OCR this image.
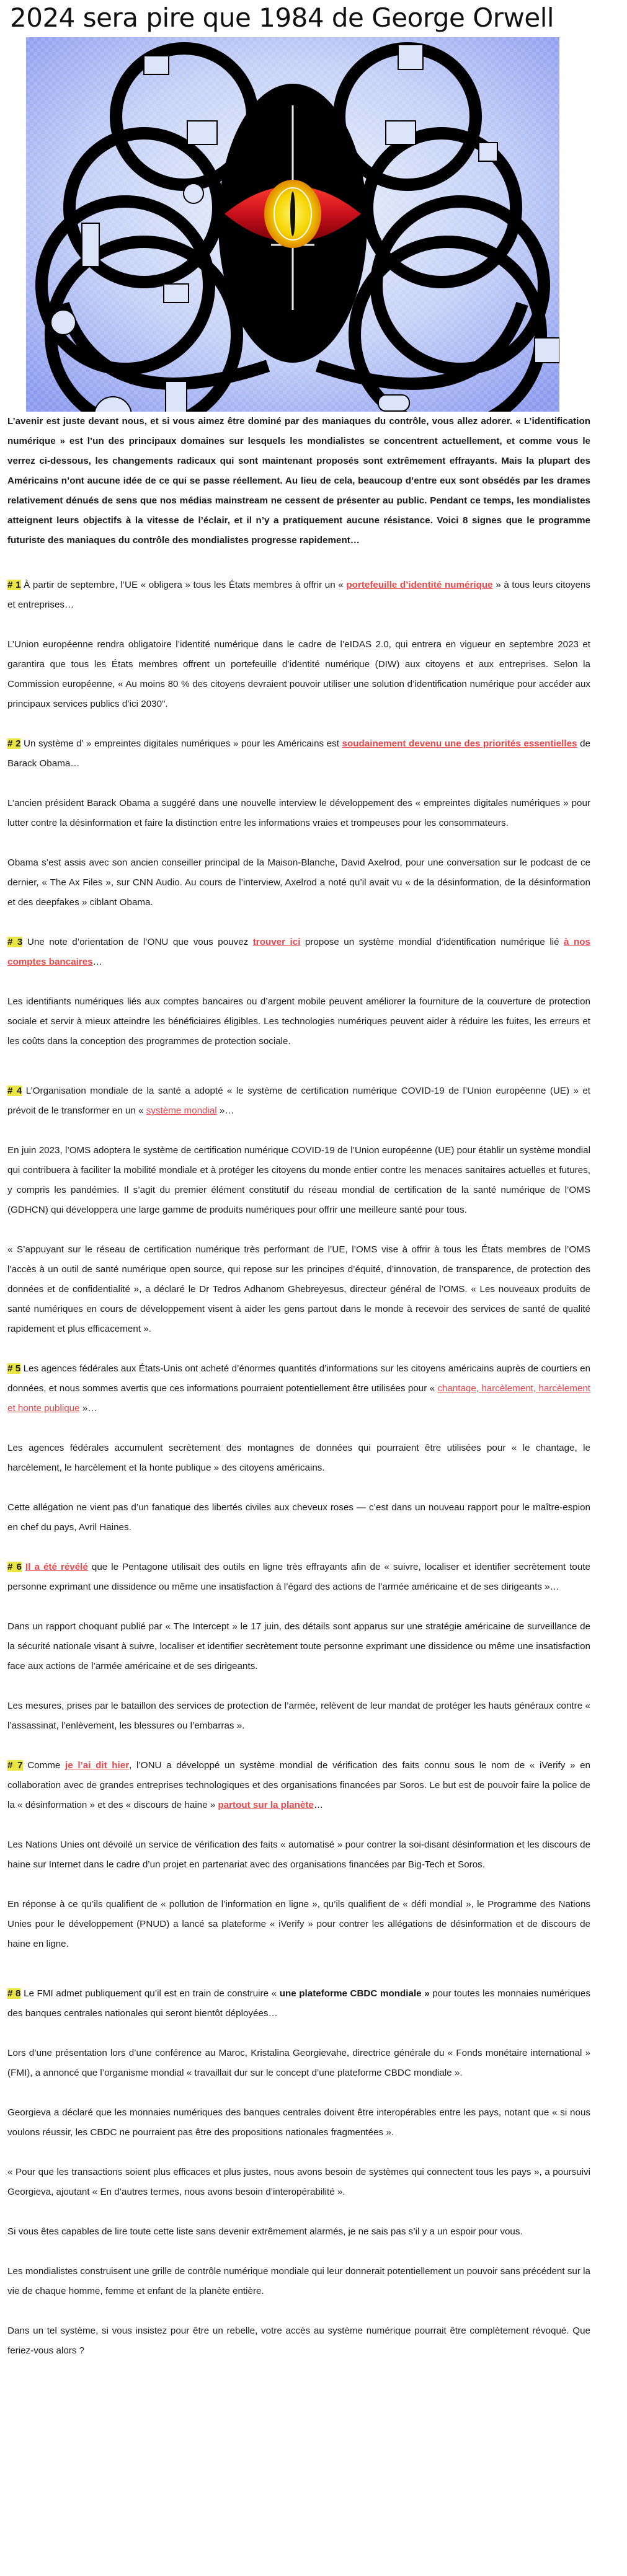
2024 sera pire que 1984 de George Orwell

L’avenir est juste devant nous, et si vous aimez être dominé par des maniaques du contrôle, vous allez adorer. « L’identification numérique » est l’un des principaux domaines sur lesquels les mondialistes se concentrent actuellement, et comme vous le verrez ci-dessous, les changements radicaux qui sont maintenant proposés sont extrêmement effrayants. Mais la plupart des Américains n’ont aucune idée de ce qui se passe réellement. Au lieu de cela, beaucoup d’entre eux sont obsédés par les drames relativement dénués de sens que nos médias mainstream ne cessent de présenter au public. Pendant ce temps, les mondialistes atteignent leurs objectifs à la vitesse de l’éclair, et il n’y a pratiquement aucune résistance. Voici 8 signes que le programme futuriste des maniaques du contrôle des mondialistes progresse rapidement…

# 1 À partir de septembre, l’UE « obligera » tous les États membres à offrir un « portefeuille d’identité numérique » à tous leurs citoyens et entreprises…

L’Union européenne rendra obligatoire l’identité numérique dans le cadre de l’eIDAS 2.0, qui entrera en vigueur en septembre 2023 et garantira que tous les États membres offrent un portefeuille d’identité numérique (DIW) aux citoyens et aux entreprises. Selon la Commission européenne, « Au moins 80 % des citoyens devraient pouvoir utiliser une solution d’identification numérique pour accéder aux principaux services publics d’ici 2030".

# 2 Un système d’ » empreintes digitales numériques » pour les Américains est soudainement devenu une des priorités essentielles de Barack Obama…

L’ancien président Barack Obama a suggéré dans une nouvelle interview le développement des « empreintes digitales numériques » pour lutter contre la désinformation et faire la distinction entre les informations vraies et trompeuses pour les consommateurs.

Obama s’est assis avec son ancien conseiller principal de la Maison-Blanche, David Axelrod, pour une conversation sur le podcast de ce dernier, « The Ax Files », sur CNN Audio. Au cours de l’interview, Axelrod a noté qu’il avait vu « de la désinformation, de la désinformation et des deepfakes » ciblant Obama.

# 3 Une note d’orientation de l’ONU que vous pouvez trouver ici propose un système mondial d’identification numérique lié à nos comptes bancaires…

Les identifiants numériques liés aux comptes bancaires ou d’argent mobile peuvent améliorer la fourniture de la couverture de protection sociale et servir à mieux atteindre les bénéficiaires éligibles. Les technologies numériques peuvent aider à réduire les fuites, les erreurs et les coûts dans la conception des programmes de protection sociale.

# 4 L’Organisation mondiale de la santé a adopté « le système de certification numérique COVID-19 de l’Union européenne (UE) » et prévoit de le transformer en un « système mondial »…

En juin 2023, l’OMS adoptera le système de certification numérique COVID-19 de l’Union européenne (UE) pour établir un système mondial qui contribuera à faciliter la mobilité mondiale et à protéger les citoyens du monde entier contre les menaces sanitaires actuelles et futures, y compris les pandémies. Il s’agit du premier élément constitutif du réseau mondial de certification de la santé numérique de l’OMS (GDHCN) qui développera une large gamme de produits numériques pour offrir une meilleure santé pour tous.

« S’appuyant sur le réseau de certification numérique très performant de l’UE, l’OMS vise à offrir à tous les États membres de l’OMS l’accès à un outil de santé numérique open source, qui repose sur les principes d’équité, d’innovation, de transparence, de protection des données et de confidentialité », a déclaré le Dr Tedros Adhanom Ghebreyesus, directeur général de l’OMS. « Les nouveaux produits de santé numériques en cours de développement visent à aider les gens partout dans le monde à recevoir des services de santé de qualité rapidement et plus efficacement ».

# 5 Les agences fédérales aux États-Unis ont acheté d’énormes quantités d’informations sur les citoyens américains auprès de courtiers en données, et nous sommes avertis que ces informations pourraient potentiellement être utilisées pour « chantage, harcèlement, harcèlement et honte publique »…

Les agences fédérales accumulent secrètement des montagnes de données qui pourraient être utilisées pour « le chantage, le harcèlement, le harcèlement et la honte publique » des citoyens américains.

Cette allégation ne vient pas d’un fanatique des libertés civiles aux cheveux roses — c’est dans un nouveau rapport pour le maître-espion en chef du pays, Avril Haines.

# 6 Il a été révélé que le Pentagone utilisait des outils en ligne très effrayants afin de « suivre, localiser et identifier secrètement toute personne exprimant une dissidence ou même une insatisfaction à l’égard des actions de l’armée américaine et de ses dirigeants »…

Dans un rapport choquant publié par « The Intercept » le 17 juin, des détails sont apparus sur une stratégie américaine de surveillance de la sécurité nationale visant à suivre, localiser et identifier secrètement toute personne exprimant une dissidence ou même une insatisfaction face aux actions de l’armée américaine et de ses dirigeants.

Les mesures, prises par le bataillon des services de protection de l’armée, relèvent de leur mandat de protéger les hauts généraux contre « l’assassinat, l’enlèvement, les blessures ou l’embarras ».

# 7 Comme je l’ai dit hier, l’ONU a développé un système mondial de vérification des faits connu sous le nom de « iVerify » en collaboration avec de grandes entreprises technologiques et des organisations financées par Soros. Le but est de pouvoir faire la police de la « désinformation » et des « discours de haine » partout sur la planète…

Les Nations Unies ont dévoilé un service de vérification des faits « automatisé » pour contrer la soi-disant désinformation et les discours de haine sur Internet dans le cadre d’un projet en partenariat avec des organisations financées par Big-Tech et Soros.

En réponse à ce qu’ils qualifient de « pollution de l’information en ligne », qu’ils qualifient de « défi mondial », le Programme des Nations Unies pour le développement (PNUD) a lancé sa plateforme « iVerify » pour contrer les allégations de désinformation et de discours de haine en ligne.

# 8 Le FMI admet publiquement qu’il est en train de construire « une plateforme CBDC mondiale » pour toutes les monnaies numériques des banques centrales nationales qui seront bientôt déployées…

Lors d’une présentation lors d’une conférence au Maroc, Kristalina Georgievahe, directrice générale du « Fonds monétaire international » (FMI), a annoncé que l’organisme mondial « travaillait dur sur le concept d’une plateforme CBDC mondiale ».

Georgieva a déclaré que les monnaies numériques des banques centrales doivent être interopérables entre les pays, notant que « si nous voulons réussir, les CBDC ne pourraient pas être des propositions nationales fragmentées ».

« Pour que les transactions soient plus efficaces et plus justes, nous avons besoin de systèmes qui connectent tous les pays », a poursuivi Georgieva, ajoutant « En d’autres termes, nous avons besoin d’interopérabilité ».

Si vous êtes capables de lire toute cette liste sans devenir extrêmement alarmés, je ne sais pas s’il y a un espoir pour vous.

Les mondialistes construisent une grille de contrôle numérique mondiale qui leur donnerait potentiellement un pouvoir sans précédent sur la vie de chaque homme, femme et enfant de la planète entière.

Dans un tel système, si vous insistez pour être un rebelle, votre accès au système numérique pourrait être complètement révoqué. Que feriez-vous alors ?
